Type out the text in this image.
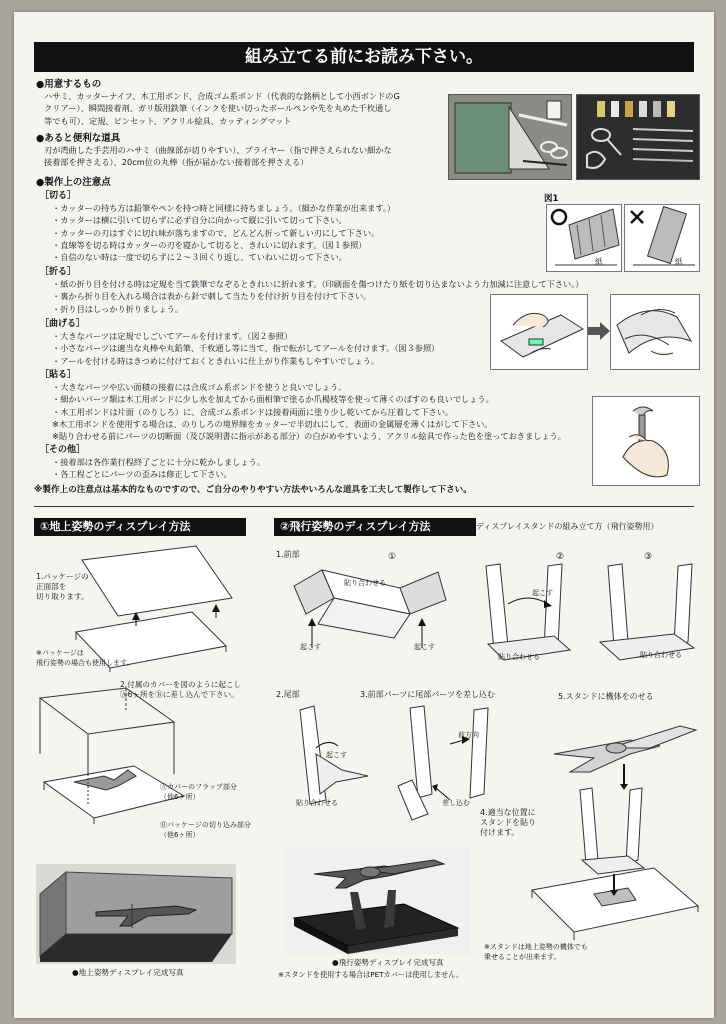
組み立てる前にお読み下さい。
●用意するもの
ハサミ、カッターナイフ、木工用ボンド、合成ゴム系ボンド（代表的な銘柄として小西ボンドのG
クリアー）、瞬間接着剤、ガリ版用鉄筆（インクを使い切ったボールペンや先を丸めた千枚通し
等でも可）、定規、ピンセット、アクリル絵具、カッティングマット
●あると便利な道具
刃が湾曲した手芸用のハサミ（曲線部が切りやすい）、プライヤー（指で押さえられない細かな
接着部を押さえる）、20cm位の丸棒（指が届かない接着部を押さえる）
●製作上の注意点
［切る］
・カッターの持ち方は鉛筆やペンを持つ時と同様に持ちましょう。（細かな作業が出来ます。）
・カッターは横に引いて切らずに必ず自分に向かって縦に引いて切って下さい。
・カッターの刃はすぐに切れ味が落ちますので、どんどん折って新しい刃にして下さい。
・直線等を切る時はカッターの刃を寝かして切ると、きれいに切れます。（図１参照）
・自信のない時は一度で切らずに２〜３回くり返し、ていねいに切って下さい。
［折る］
・紙の折り目を付ける時は定規を当て鉄筆でなぞるときれいに折れます。（印刷面を傷つけたり紙を切り込まないよう力加減に注意して下さい。）
・裏から折り目を入れる場合は表から針で刺して当たりを付け折り目を付けて下さい。
・折り目はしっかり折りましょう。
［曲げる］
・大きなパーツは定規でしごいてアールを付けます。（図２参照）
・小さなパーツは適当な丸棒や丸鉛筆、千枚通し等に当て、指で転がしてアールを付けます。（図３参照）
・アールを付ける時はきつめに付けておくときれいに仕上がり作業もしやすいでしょう。
［貼る］
・大きなパーツや広い面積の接着には合成ゴム系ボンドを使うと良いでしょう。
・細かいパーツ類は木工用ボンドに少し水を加えてから面相筆で塗るか爪楊枝等を使って薄くのばすのも良いでしょう。
・木工用ボンドは片面（のりしろ）に、合成ゴム系ボンドは接着両面に塗り少し乾いてから圧着して下さい。
※木工用ボンドを使用する場合は、のりしろの境界線をカッターで半切れにして、表面の金属層を薄くはがして下さい。
※貼り合わせる前にパーツの切断面（及び説明書に指示がある部分）の白がめやすいよう、アクリル絵具で作った色を塗っておきましょう。
［その他］
・接着部は各作業行程終了ごとに十分に乾かしましょう。
・各工程ごとにパーツの歪みは修正して下さい。
※製作上の注意点は基本的なものですので、ご自分のやりやすい方法やいろんな道具を工夫して製作して下さい。
図1
紙	紙
①地上姿勢のディスプレイ方法
1.パッケージの
正面部を
切り取ります。
※パッケージは
飛行姿勢の場合も使用します。
2.付属のカバーを図のように起こし
Ⓐ6ヶ所をⒷに差し込んで下さい。
Ⓐカバーのフラップ部分
（他6ヶ所）
Ⓑパッケージの切り込み部分
（他6ヶ所）
●地上姿勢ディスプレイ完成写真
②飛行姿勢のディスプレイ方法	ディスプレイスタンドの組み立て方（飛行姿勢用）
1.前部	①	②	③
貼り合わせる
起こす	起こす
起こす
貼り合わせる	貼り合わせる
2.尾部
起こす
貼り合わせる
3.前部パーツに尾部パーツを差し込む
前方向
差し込む
5.スタンドに機体をのせる
4.適当な位置に
スタンドを貼り
付けます。
※スタンドは地上姿勢の機体でも
乗せることが出来ます。
●飛行姿勢ディスプレイ完成写真
※スタンドを使用する場合はPETカバーは使用しません。
